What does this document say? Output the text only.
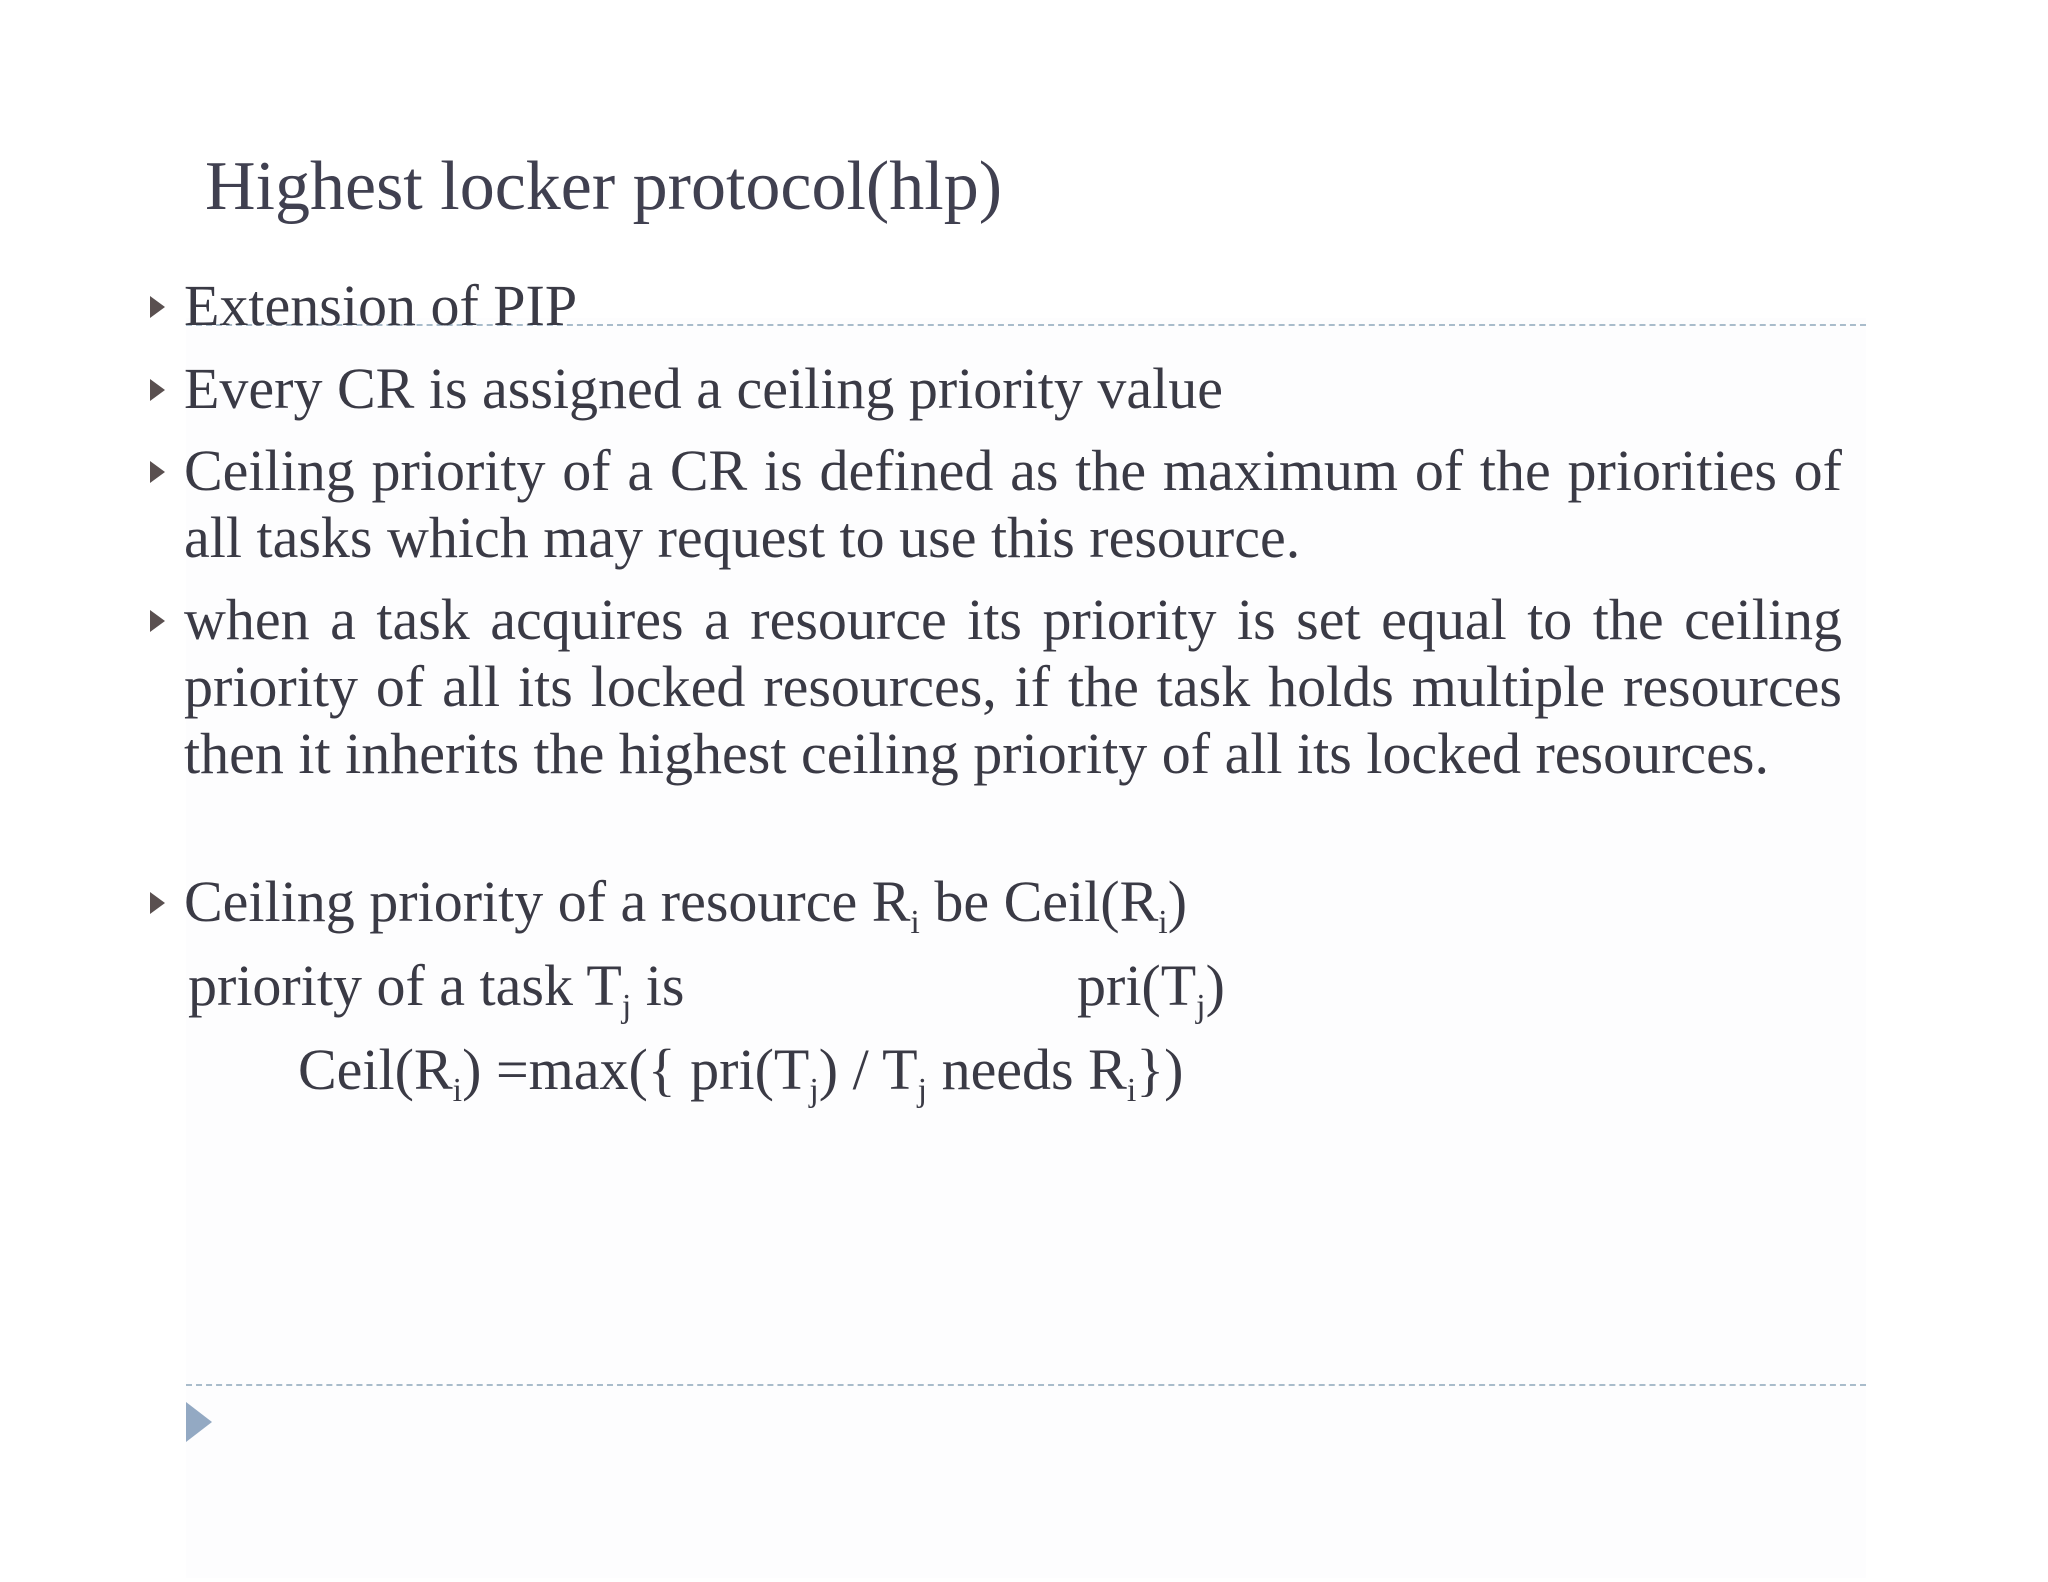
Highest locker protocol(hlp)
Extension of PIP
Every CR is assigned a ceiling priority value
Ceiling priority of a CR is defined as the maximum of the priorities of all tasks which may request to use this resource.
when a task acquires a resource its priority is set equal to the ceiling priority of all its locked resources, if the task holds multiple resources then it inherits the highest ceiling priority of all its locked resources.
Ceiling priority of a resource $R_i$ be $Ceil(R_i)$
priority of a task $T_j$ is	$pri(T_j)$
$Ceil(R_i) =\max$({ $pri(T_j) / T_j$ needs $R_i$})
